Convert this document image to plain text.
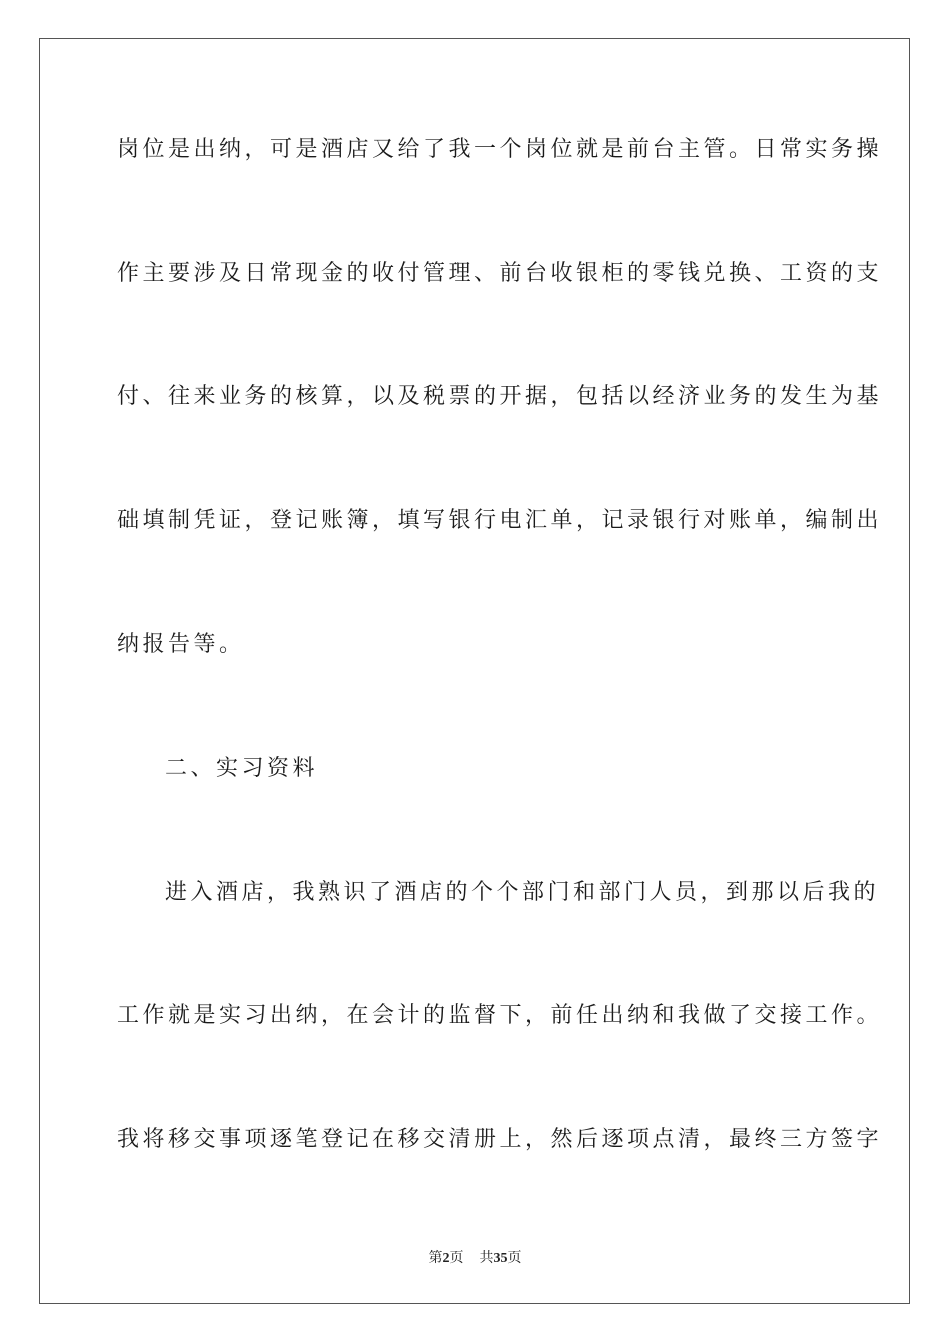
岗位是出纳，可是酒店又给了我一个岗位就是前台主管。日常实务操
作主要涉及日常现金的收付管理、前台收银柜的零钱兑换、工资的支
付、往来业务的核算，以及税票的开据，包括以经济业务的发生为基
础填制凭证，登记账簿，填写银行电汇单，记录银行对账单，编制出
纳报告等。
二、实习资料
进入酒店，我熟识了酒店的个个部门和部门人员，到那以后我的
工作就是实习出纳，在会计的监督下，前任出纳和我做了交接工作。
我将移交事项逐笔登记在移交清册上，然后逐项点清，最终三方签字
第2页 共35页
